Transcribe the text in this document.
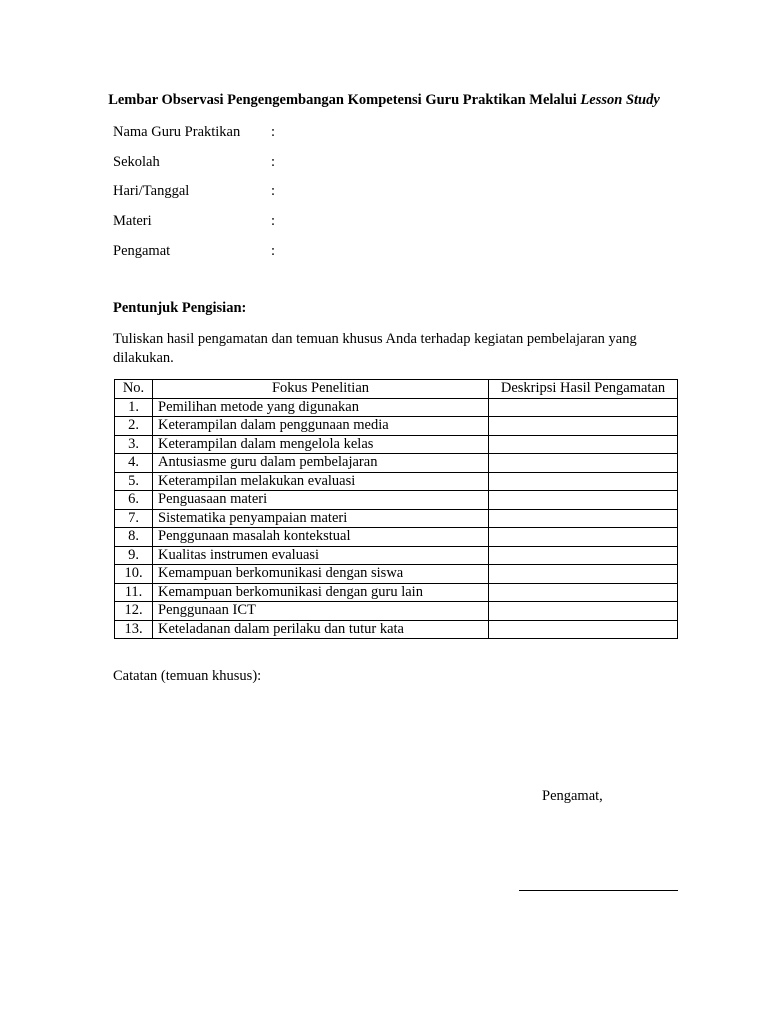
Lembar Observasi Pengengembangan Kompetensi Guru Praktikan Melalui Lesson Study
Nama Guru Praktikan :
Sekolah	:
Hari/Tanggal	:
Materi	:
Pengamat	:
Pentunjuk Pengisian:
Tuliskan hasil pengamatan dan temuan khusus Anda terhadap kegiatan pembelajaran yang dilakukan.
No.	Fokus Penelitian	Deskripsi Hasil Pengamatan
1.	Pemilihan metode yang digunakan	
2.	Keterampilan dalam penggunaan media	
3.	Keterampilan dalam mengelola kelas	
4.	Antusiasme guru dalam pembelajaran	
5.	Keterampilan melakukan evaluasi	
6.	Penguasaan materi	
7.	Sistematika penyampaian materi	
8.	Penggunaan masalah kontekstual	
9.	Kualitas instrumen evaluasi	
10.	Kemampuan berkomunikasi dengan siswa	
11.	Kemampuan berkomunikasi dengan guru lain	
12.	Penggunaan ICT	
13.	Keteladanan dalam perilaku dan tutur kata	
Catatan (temuan khusus):
Pengamat,
